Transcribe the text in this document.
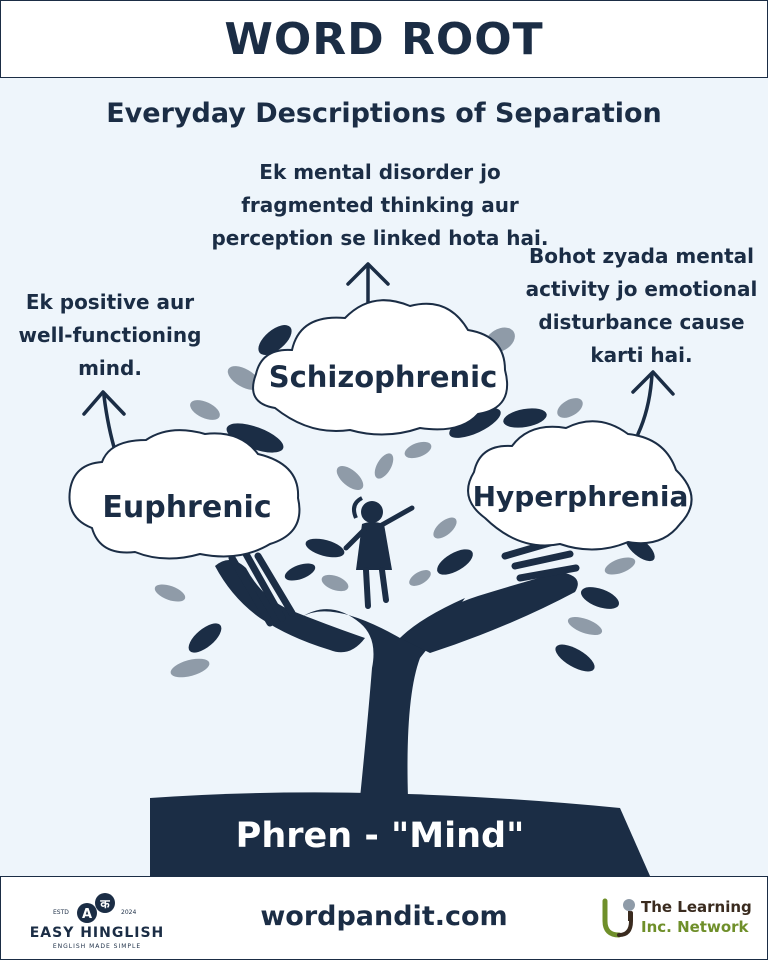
WORD ROOT
Everyday Descriptions of Separation
Ek mental disorder jo
fragmented thinking aur
perception se linked hota hai.
Ek positive aur
well-functioning
mind.
Bohot zyada mental
activity jo emotional
disturbance cause
karti hai.
Schizophrenic
Euphrenic	Hyperphrenia
Phren - "Mind"
A
क
ESTD	2024
EASY HINGLISH
ENGLISH MADE SIMPLE
wordpandit.com	The Learning
Inc. Network
